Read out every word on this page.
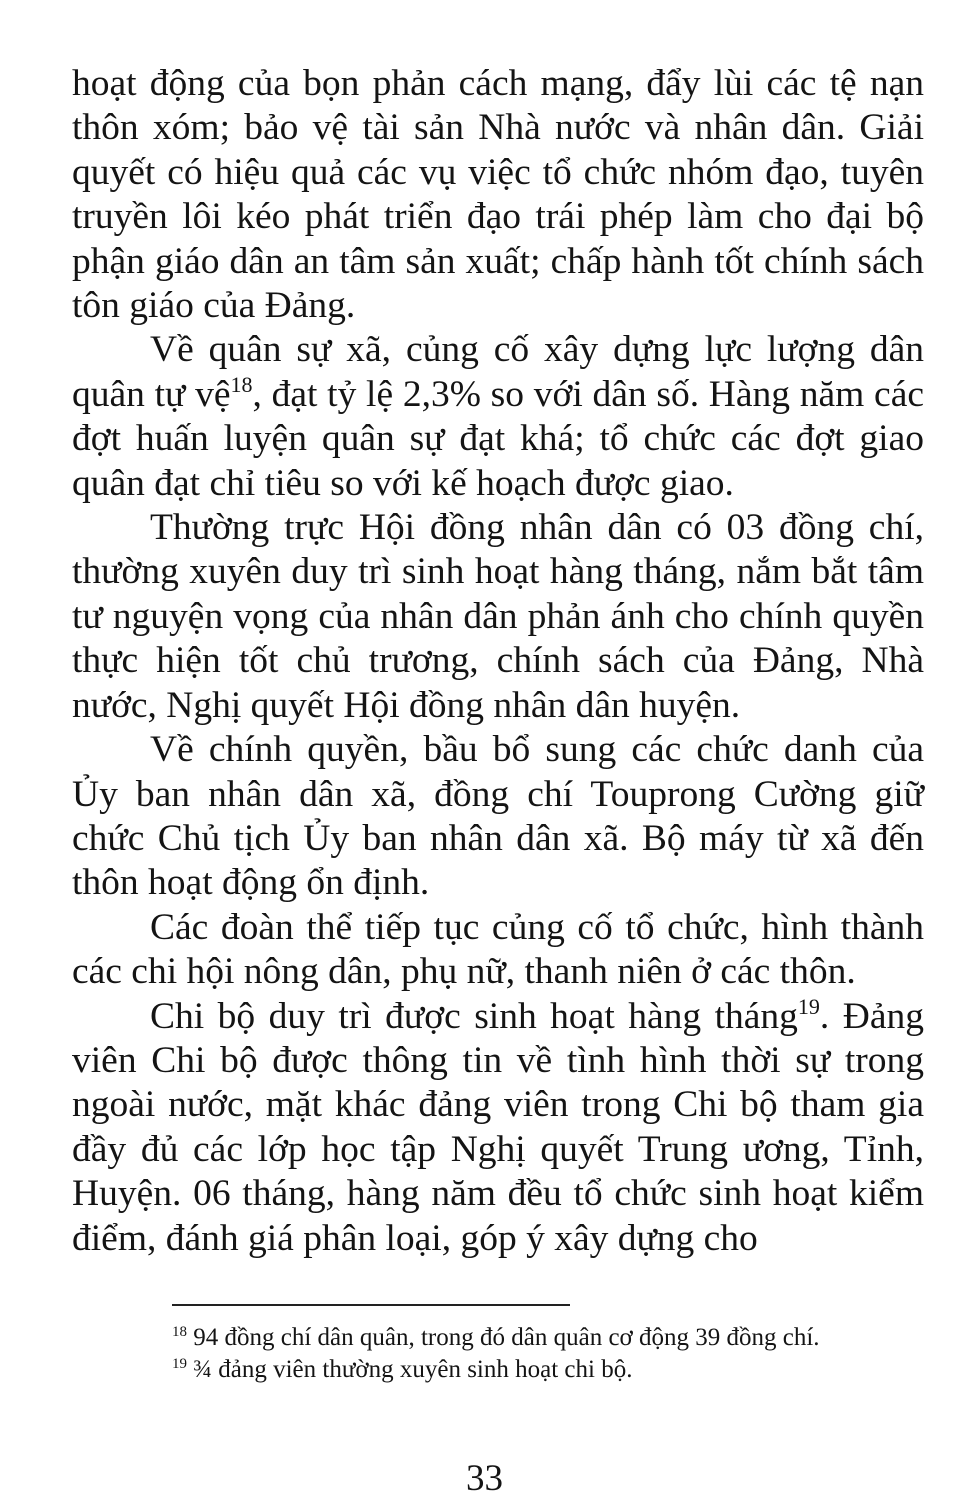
hoạt động của bọn phản cách mạng, đẩy lùi các tệ nạn thôn xóm; bảo vệ tài sản Nhà nước và nhân dân. Giải quyết có hiệu quả các vụ việc tổ chức nhóm đạo, tuyên truyền lôi kéo phát triển đạo trái phép làm cho đại bộ phận giáo dân an tâm sản xuất; chấp hành tốt chính sách tôn giáo của Đảng.

Về quân sự xã, củng cố xây dựng lực lượng dân quân tự vệ$^{18}$, đạt tỷ lệ 2,3% so với dân số. Hàng năm các đợt huấn luyện quân sự đạt khá; tổ chức các đợt giao quân đạt chỉ tiêu so với kế hoạch được giao.

Thường trực Hội đồng nhân dân có 03 đồng chí, thường xuyên duy trì sinh hoạt hàng tháng, nắm bắt tâm tư nguyện vọng của nhân dân phản ánh cho chính quyền thực hiện tốt chủ trương, chính sách của Đảng, Nhà nước, Nghị quyết Hội đồng nhân dân huyện.

Về chính quyền, bầu bổ sung các chức danh của Ủy ban nhân dân xã, đồng chí Touprong Cường giữ chức Chủ tịch Ủy ban nhân dân xã. Bộ máy từ xã đến thôn hoạt động ổn định.

Các đoàn thể tiếp tục củng cố tổ chức, hình thành các chi hội nông dân, phụ nữ, thanh niên ở các thôn.

Chi bộ duy trì được sinh hoạt hàng tháng$^{19}$. Đảng viên Chi bộ được thông tin về tình hình thời sự trong ngoài nước, mặt khác đảng viên trong Chi bộ tham gia đầy đủ các lớp học tập Nghị quyết Trung ương, Tỉnh, Huyện. 06 tháng, hàng năm đều tổ chức sinh hoạt kiểm điểm, đánh giá phân loại, góp ý xây dựng cho

$^{18}$ 94 đồng chí dân quân, trong đó dân quân cơ động 39 đồng chí.

$^{19}$ ¾ đảng viên thường xuyên sinh hoạt chi bộ.

33
